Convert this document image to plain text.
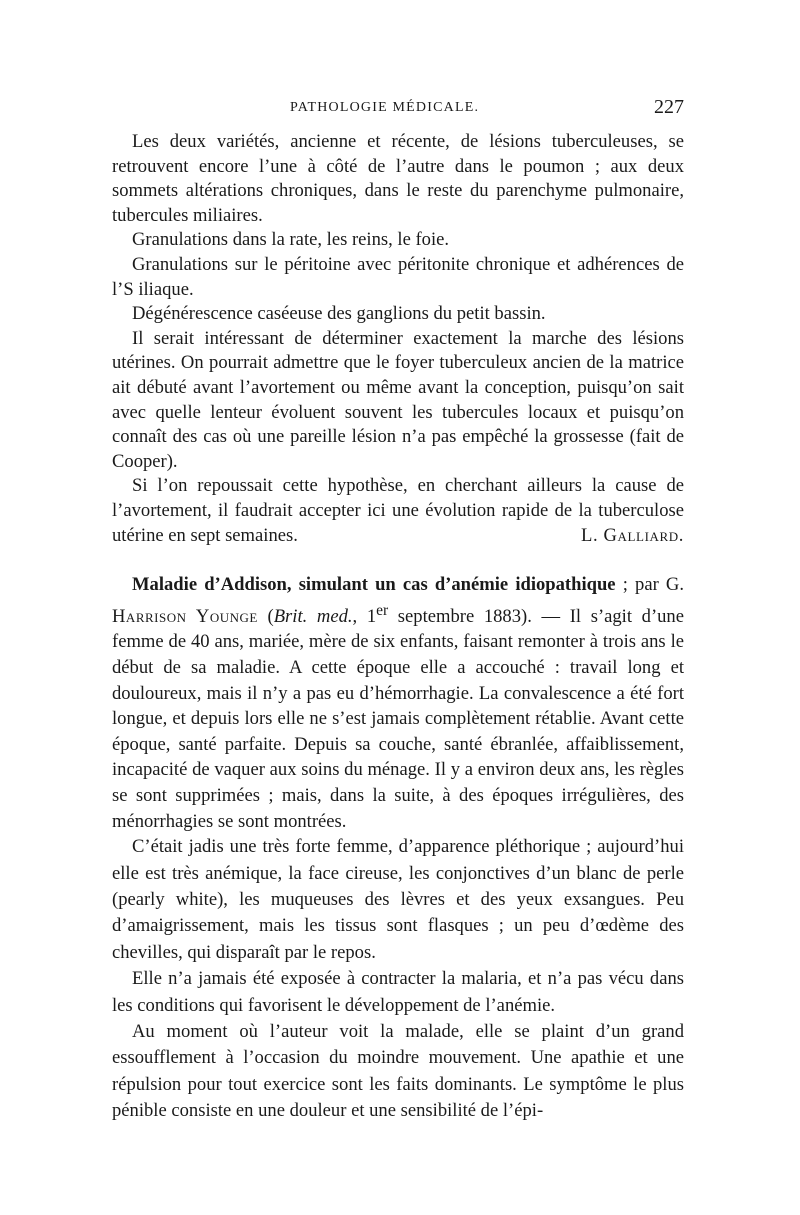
PATHOLOGIE MÉDICALE.	227

Les deux variétés, ancienne et récente, de lésions tuberculeuses, se retrouvent encore l’une à côté de l’autre dans le poumon ; aux deux sommets altérations chroniques, dans le reste du parenchyme pulmonaire, tubercules miliaires.

Granulations dans la rate, les reins, le foie.

Granulations sur le péritoine avec péritonite chronique et adhérences de l’S iliaque.

Dégénérescence caséeuse des ganglions du petit bassin.

Il serait intéressant de déterminer exactement la marche des lésions utérines. On pourrait admettre que le foyer tuberculeux ancien de la matrice ait débuté avant l’avortement ou même avant la conception, puisqu’on sait avec quelle lenteur évoluent souvent les tubercules locaux et puisqu’on connaît des cas où une pareille lésion n’a pas empêché la grossesse (fait de Cooper).

Si l’on repoussait cette hypothèse, en cherchant ailleurs la cause de l’avortement, il faudrait accepter ici une évolution rapide de la tuberculose utérine en sept semaines.	L. Galliard.

Maladie d’Addison, simulant un cas d’anémie idiopathique ; par G. Harrison Younge (Brit. med., 1er septembre 1883). — Il s’agit d’une femme de 40 ans, mariée, mère de six enfants, faisant remonter à trois ans le début de sa maladie. A cette époque elle a accouché : travail long et douloureux, mais il n’y a pas eu d’hémorrhagie. La convalescence a été fort longue, et depuis lors elle ne s’est jamais complètement rétablie. Avant cette époque, santé parfaite. Depuis sa couche, santé ébranlée, affaiblissement, incapacité de vaquer aux soins du ménage. Il y a environ deux ans, les règles se sont supprimées ; mais, dans la suite, à des époques irrégulières, des ménorrhagies se sont montrées.

C’était jadis une très forte femme, d’apparence pléthorique ; aujourd’hui elle est très anémique, la face cireuse, les conjonctives d’un blanc de perle (pearly white), les muqueuses des lèvres et des yeux exsangues. Peu d’amaigrissement, mais les tissus sont flasques ; un peu d’œdème des chevilles, qui disparaît par le repos.

Elle n’a jamais été exposée à contracter la malaria, et n’a pas vécu dans les conditions qui favorisent le développement de l’anémie.

Au moment où l’auteur voit la malade, elle se plaint d’un grand essoufflement à l’occasion du moindre mouvement. Une apathie et une répulsion pour tout exercice sont les faits dominants. Le symptôme le plus pénible consiste en une douleur et une sensibilité de l’épi-
